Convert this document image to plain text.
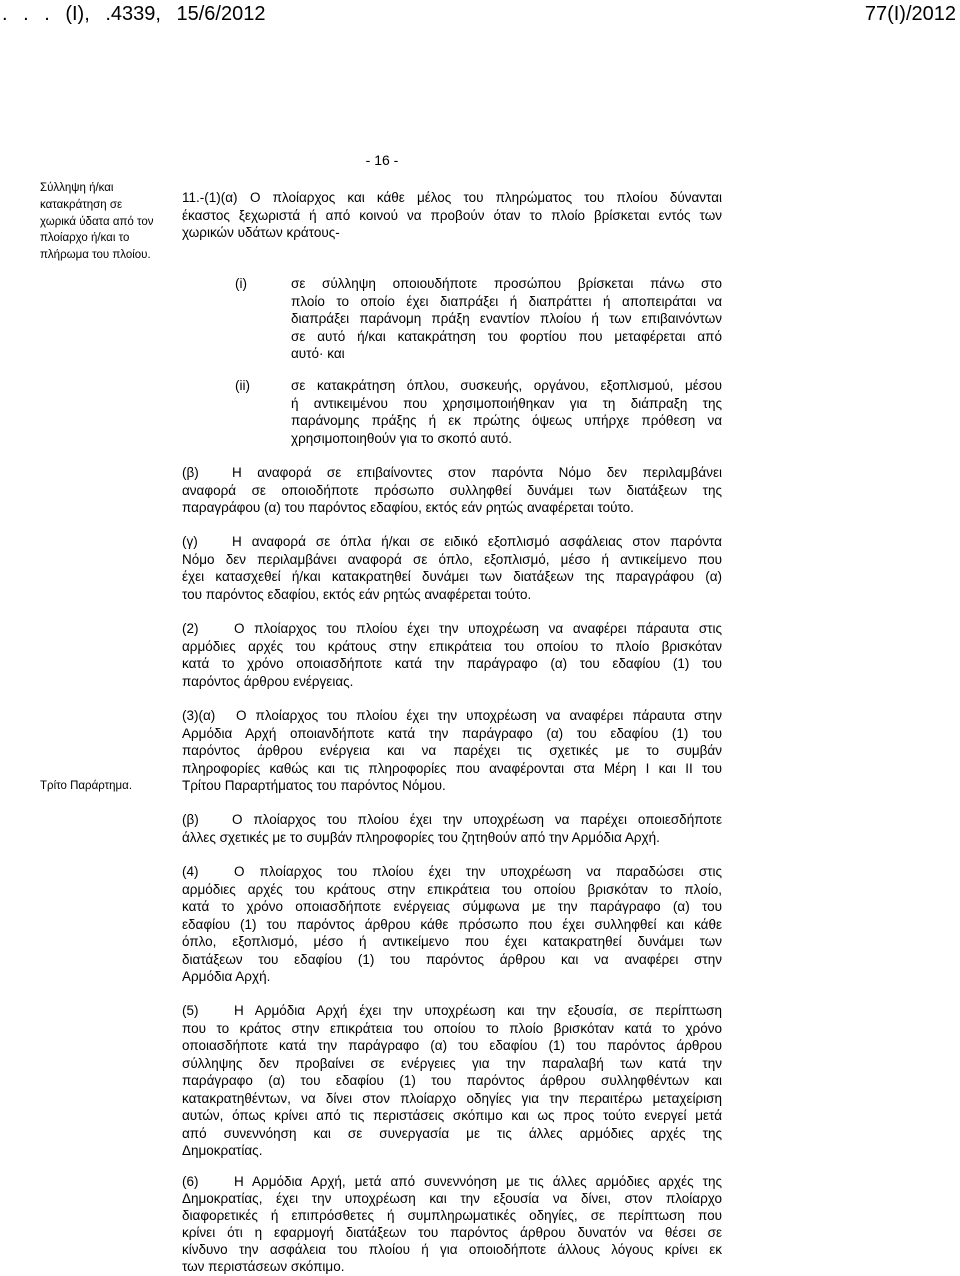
. . . (I), .4339, 15/6/2012	77(I)/2012
- 16 -
Σύλληψη ή/και
κατακράτηση σε
χωρικά ύδατα από τον
πλοίαρχο ή/και το
πλήρωμα του πλοίου.
Τρίτο Παράρτημα.
11.-(1)(α) Ο πλοίαρχος και κάθε μέλος του πληρώματος του πλοίου δύνανται
έκαστος ξεχωριστά ή από κοινού να προβούν όταν το πλοίο βρίσκεται εντός των
χωρικών υδάτων κράτους-
(i)	σε σύλληψη οποιουδήποτε προσώπου βρίσκεται πάνω στο
πλοίο το οποίο έχει διαπράξει ή διαπράττει ή αποπειράται να
διαπράξει παράνομη πράξη εναντίον πλοίου ή των επιβαινόντων
σε αυτό ή/και κατακράτηση του φορτίου που μεταφέρεται από
αυτό· και
(ii)	σε κατακράτηση όπλου, συσκευής, οργάνου, εξοπλισμού, μέσου
ή αντικειμένου που χρησιμοποιήθηκαν για τη διάπραξη της
παράνομης πράξης ή εκ πρώτης όψεως υπήρχε πρόθεση να
χρησιμοποιηθούν για το σκοπό αυτό.
(β) Η αναφορά σε επιβαίνοντες στον παρόντα Νόμο δεν περιλαμβάνει
αναφορά σε οποιοδήποτε πρόσωπο συλληφθεί δυνάμει των διατάξεων της
παραγράφου (α) του παρόντος εδαφίου, εκτός εάν ρητώς αναφέρεται τούτο.
(γ)	Η αναφορά σε όπλα ή/και σε ειδικό εξοπλισμό ασφάλειας στον παρόντα
Νόμο δεν περιλαμβάνει αναφορά σε όπλο, εξοπλισμό, μέσο ή αντικείμενο που
έχει κατασχεθεί ή/και κατακρατηθεί δυνάμει των διατάξεων της παραγράφου (α)
του παρόντος εδαφίου, εκτός εάν ρητώς αναφέρεται τούτο.
(2)	Ο πλοίαρχος του πλοίου έχει την υποχρέωση να αναφέρει πάραυτα στις
αρμόδιες αρχές του κράτους στην επικράτεια του οποίου το πλοίο βρισκόταν
κατά το χρόνο οποιασδήποτε κατά την παράγραφο (α) του εδαφίου (1) του
παρόντος άρθρου ενέργειας.
(3)(α) Ο πλοίαρχος του πλοίου έχει την υποχρέωση να αναφέρει πάραυτα στην
Αρμόδια Αρχή οποιανδήποτε κατά την παράγραφο (α) του εδαφίου (1) του
παρόντος άρθρου ενέργεια και να παρέχει τις σχετικές με το συμβάν
πληροφορίες καθώς και τις πληροφορίες που αναφέρονται στα Μέρη Ι και ΙΙ του
Τρίτου Παραρτήματος του παρόντος Νόμου.
(β) Ο πλοίαρχος του πλοίου έχει την υποχρέωση να παρέχει οποιεσδήποτε
άλλες σχετικές με το συμβάν πληροφορίες του ζητηθούν από την Αρμόδια Αρχή.
(4)	Ο πλοίαρχος του πλοίου έχει την υποχρέωση να παραδώσει στις
αρμόδιες αρχές του κράτους στην επικράτεια του οποίου βρισκόταν το πλοίο,
κατά το χρόνο οποιασδήποτε ενέργειας σύμφωνα με την παράγραφο (α) του
εδαφίου (1) του παρόντος άρθρου κάθε πρόσωπο που έχει συλληφθεί και κάθε
όπλο, εξοπλισμό, μέσο ή αντικείμενο που έχει κατακρατηθεί δυνάμει των
διατάξεων του εδαφίου (1) του παρόντος άρθρου και να αναφέρει στην
Αρμόδια Αρχή.
(5)	Η Αρμόδια Αρχή έχει την υποχρέωση και την εξουσία, σε περίπτωση
που το κράτος στην επικράτεια του οποίου το πλοίο βρισκόταν κατά το χρόνο
οποιασδήποτε κατά την παράγραφο (α) του εδαφίου (1) του παρόντος άρθρου
σύλληψης δεν προβαίνει σε ενέργειες για την παραλαβή των κατά την
παράγραφο (α) του εδαφίου (1) του παρόντος άρθρου συλληφθέντων και
κατακρατηθέντων, να δίνει στον πλοίαρχο οδηγίες για την περαιτέρω μεταχείριση
αυτών, όπως κρίνει από τις περιστάσεις σκόπιμο και ως προς τούτο ενεργεί μετά
από συνεννόηση και σε συνεργασία με τις άλλες αρμόδιες αρχές της
Δημοκρατίας.
(6)	Η Αρμόδια Αρχή, μετά από συνεννόηση με τις άλλες αρμόδιες αρχές της
Δημοκρατίας, έχει την υποχρέωση και την εξουσία να δίνει, στον πλοίαρχο
διαφορετικές ή επιπρόσθετες ή συμπληρωματικές οδηγίες, σε περίπτωση που
κρίνει ότι η εφαρμογή διατάξεων του παρόντος άρθρου δυνατόν να θέσει σε
κίνδυνο την ασφάλεια του πλοίου ή για οποιοδήποτε άλλους λόγους κρίνει εκ
των περιστάσεων σκόπιμο.
